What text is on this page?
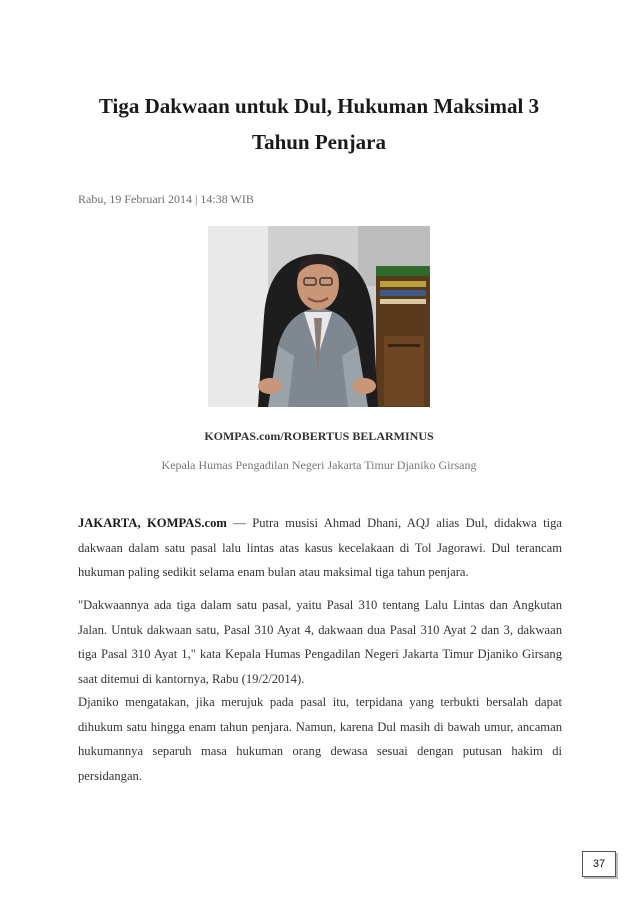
Tiga Dakwaan untuk Dul, Hukuman Maksimal 3 Tahun Penjara
Rabu, 19 Februari 2014 | 14:38 WIB
KOMPAS.com/ROBERTUS BELARMINUS
Kepala Humas Pengadilan Negeri Jakarta Timur Djaniko Girsang

JAKARTA, KOMPAS.com — Putra musisi Ahmad Dhani, AQJ alias Dul, didakwa tiga dakwaan dalam satu pasal lalu lintas atas kasus kecelakaan di Tol Jagorawi. Dul terancam hukuman paling sedikit selama enam bulan atau maksimal tiga tahun penjara.

"Dakwaannya ada tiga dalam satu pasal, yaitu Pasal 310 tentang Lalu Lintas dan Angkutan Jalan. Untuk dakwaan satu, Pasal 310 Ayat 4, dakwaan dua Pasal 310 Ayat 2 dan 3, dakwaan tiga Pasal 310 Ayat 1," kata Kepala Humas Pengadilan Negeri Jakarta Timur Djaniko Girsang saat ditemui di kantornya, Rabu (19/2/2014).

Djaniko mengatakan, jika merujuk pada pasal itu, terpidana yang terbukti bersalah dapat dihukum satu hingga enam tahun penjara. Namun, karena Dul masih di bawah umur, ancaman hukumannya separuh masa hukuman orang dewasa sesuai dengan putusan hakim di persidangan.

37
